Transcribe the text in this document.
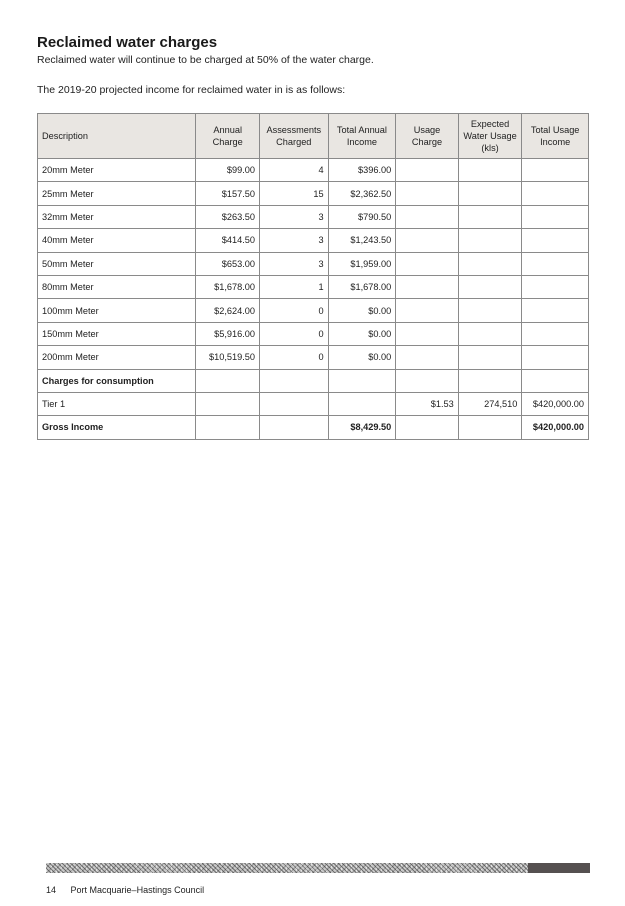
Reclaimed water charges

Reclaimed water will continue to be charged at 50% of the water charge.

The 2019-20 projected income for reclaimed water in is as follows:

Description	Annual Charge	Assessments Charged	Total Annual Income	Usage Charge	Expected Water Usage (kls)	Total Usage Income
20mm Meter	$99.00	4	$396.00			
25mm Meter	$157.50	15	$2,362.50			
32mm Meter	$263.50	3	$790.50			
40mm Meter	$414.50	3	$1,243.50			
50mm Meter	$653.00	3	$1,959.00			
80mm Meter	$1,678.00	1	$1,678.00			
100mm Meter	$2,624.00	0	$0.00			
150mm Meter	$5,916.00	0	$0.00			
200mm Meter	$10,519.50	0	$0.00			
Charges for consumption						
Tier 1				$1.53	274,510	$420,000.00
Gross Income			$8,429.50			$420,000.00
14 Port Macquarie–Hastings Council
